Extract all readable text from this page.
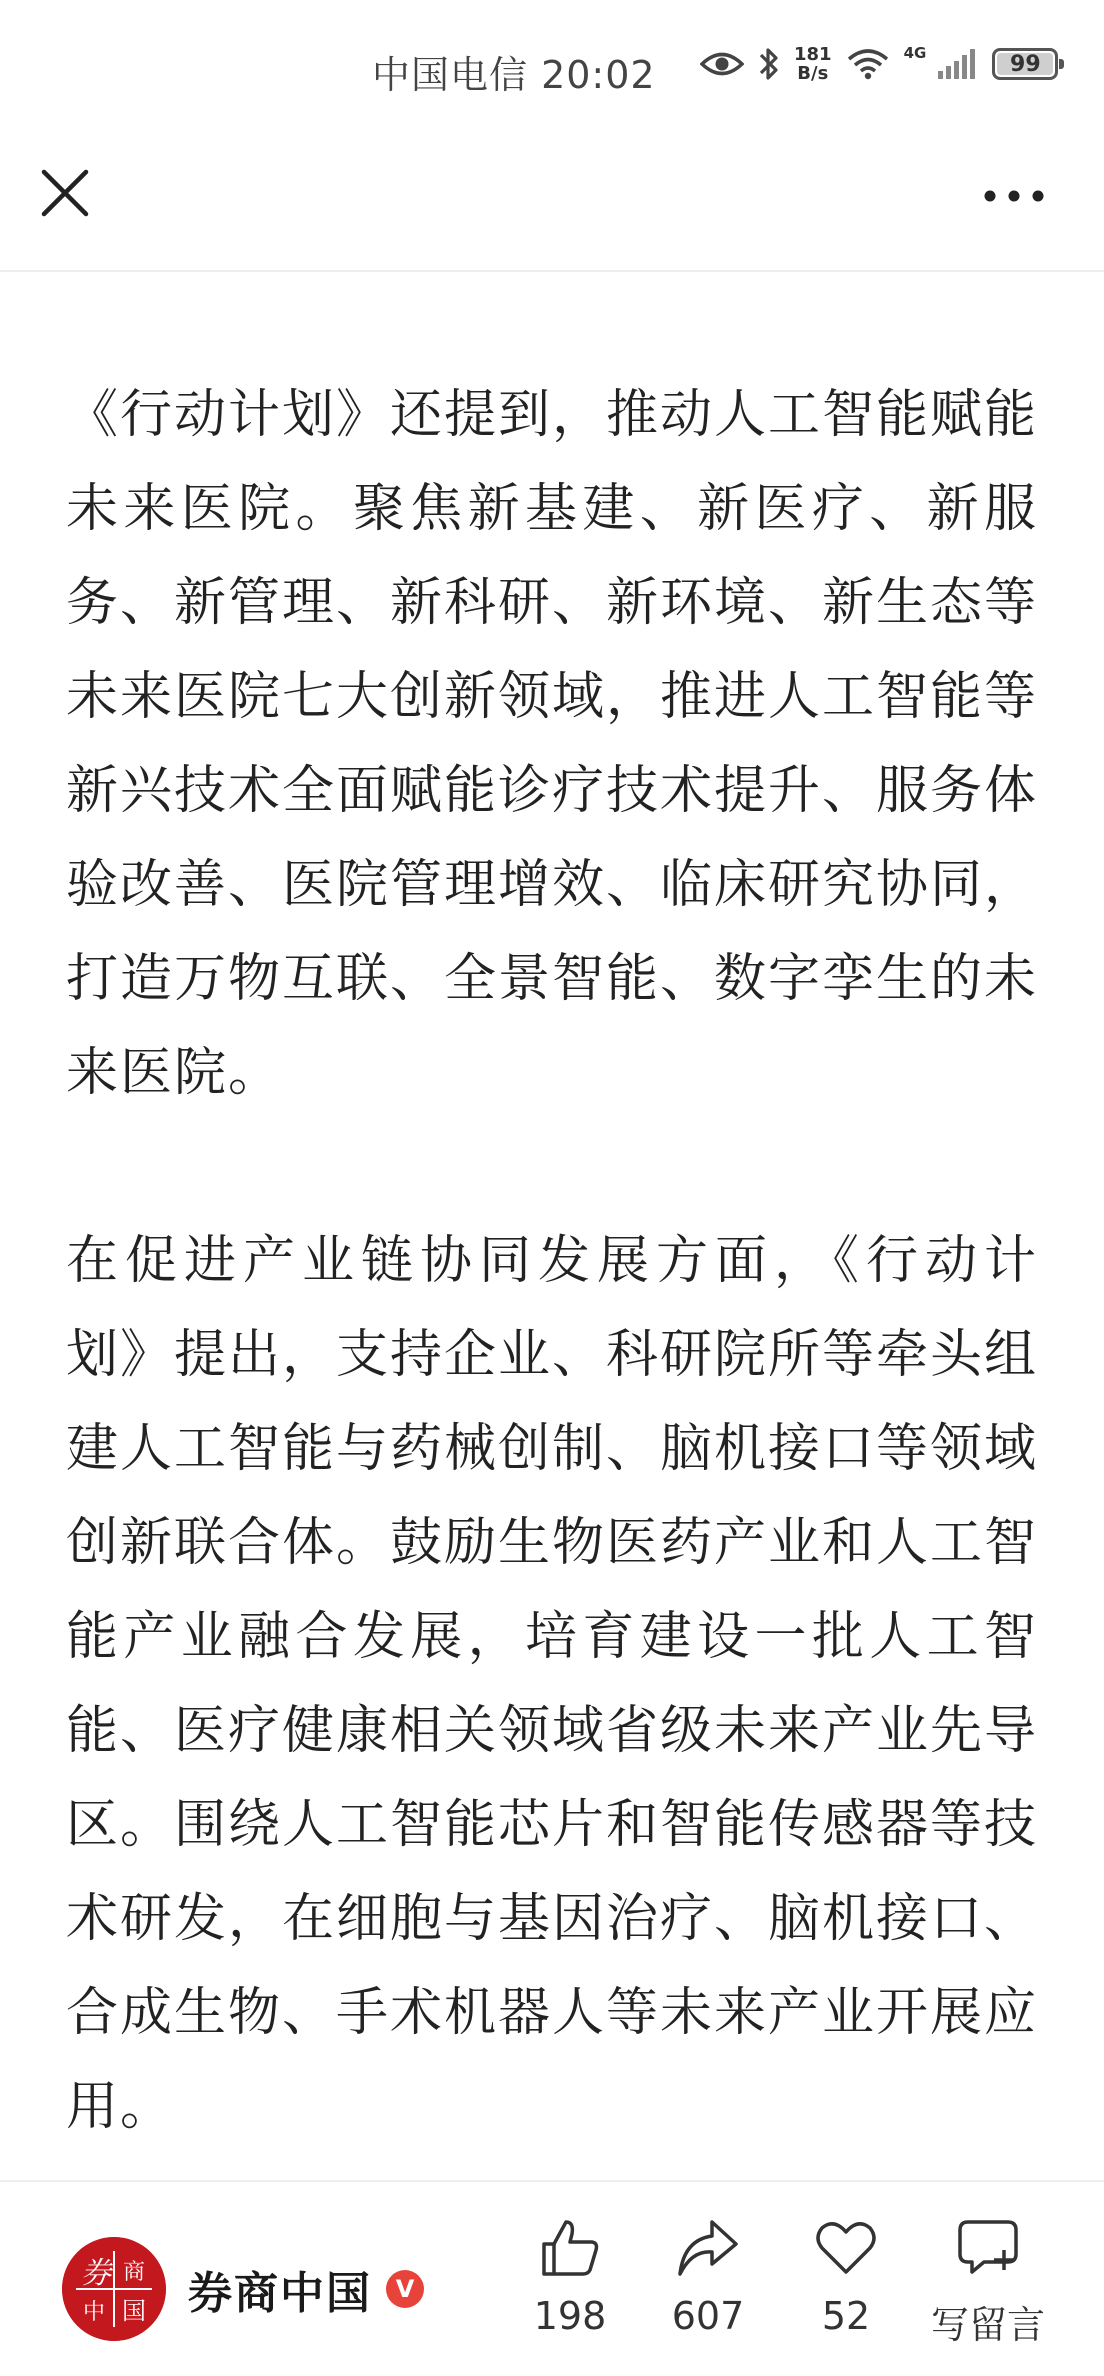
中国电信 20:02	181
B/s
4G	99

《行动计划》还提到，推动人工智能赋能未来医院。聚焦新基建、新医疗、新服务、新管理、新科研、新环境、新生态等未来医院七大创新领域，推进人工智能等新兴技术全面赋能诊疗技术提升、服务体验改善、医院管理增效、临床研究协同，打造万物互联、全景智能、数字孪生的未来医院。

在促进产业链协同发展方面，《行动计划》提出，支持企业、科研院所等牵头组建人工智能与药械创制、脑机接口等领域创新联合体。鼓励生物医药产业和人工智能产业融合发展，培育建设一批人工智能、医疗健康相关领域省级未来产业先导区。围绕人工智能芯片和智能传感器等技术研发，在细胞与基因治疗、脑机接口、合成生物、手术机器人等未来产业开展应用。

券 商
中 国 券商中国 V
198 607 52 写留言
